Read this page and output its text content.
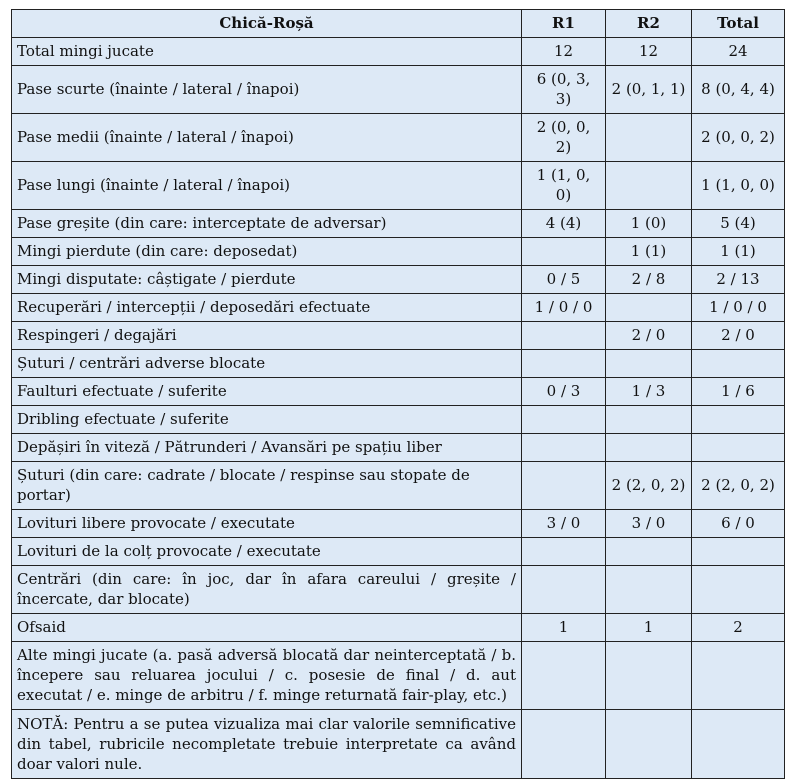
Chică-Roșă	R1	R2	Total
Total mingi jucate	12	12	24
Pase scurte (înainte / lateral / înapoi)	6 (0, 3, 3)	2 (0, 1, 1)	8 (0, 4, 4)
Pase medii (înainte / lateral / înapoi)	2 (0, 0, 2)		2 (0, 0, 2)
Pase lungi (înainte / lateral / înapoi)	1 (1, 0, 0)		1 (1, 0, 0)
Pase greșite (din care: interceptate de adversar)	4 (4)	1 (0)	5 (4)
Mingi pierdute (din care: deposedat)		1 (1)	1 (1)
Mingi disputate: câștigate / pierdute	0 / 5	2 / 8	2 / 13
Recuperări / intercepții / deposedări efectuate	1 / 0 / 0		1 / 0 / 0
Respingeri / degajări		2 / 0	2 / 0
Șuturi / centrări adverse blocate			
Faulturi efectuate / suferite	0 / 3	1 / 3	1 / 6
Dribling efectuate / suferite			
Depășiri în viteză / Pătrunderi / Avansări pe spațiu liber			
Șuturi (din care: cadrate / blocate / respinse sau stopate de portar)		2 (2, 0, 2)	2 (2, 0, 2)
Lovituri libere provocate / executate	3 / 0	3 / 0	6 / 0
Lovituri de la colț provocate / executate			
Centrări (din care: în joc, dar în afara careului / greșite / încercate, dar blocate)			
Ofsaid	1	1	2
Alte mingi jucate (a. pasă adversă blocată dar neinterceptată / b. începere sau reluarea jocului / c. posesie de final / d. aut executat / e. minge de arbitru / f. minge returnată fair-play, etc.)			
NOTĂ: Pentru a se putea vizualiza mai clar valorile semnificative din tabel, rubricile necompletate trebuie interpretate ca având doar valori nule.			
